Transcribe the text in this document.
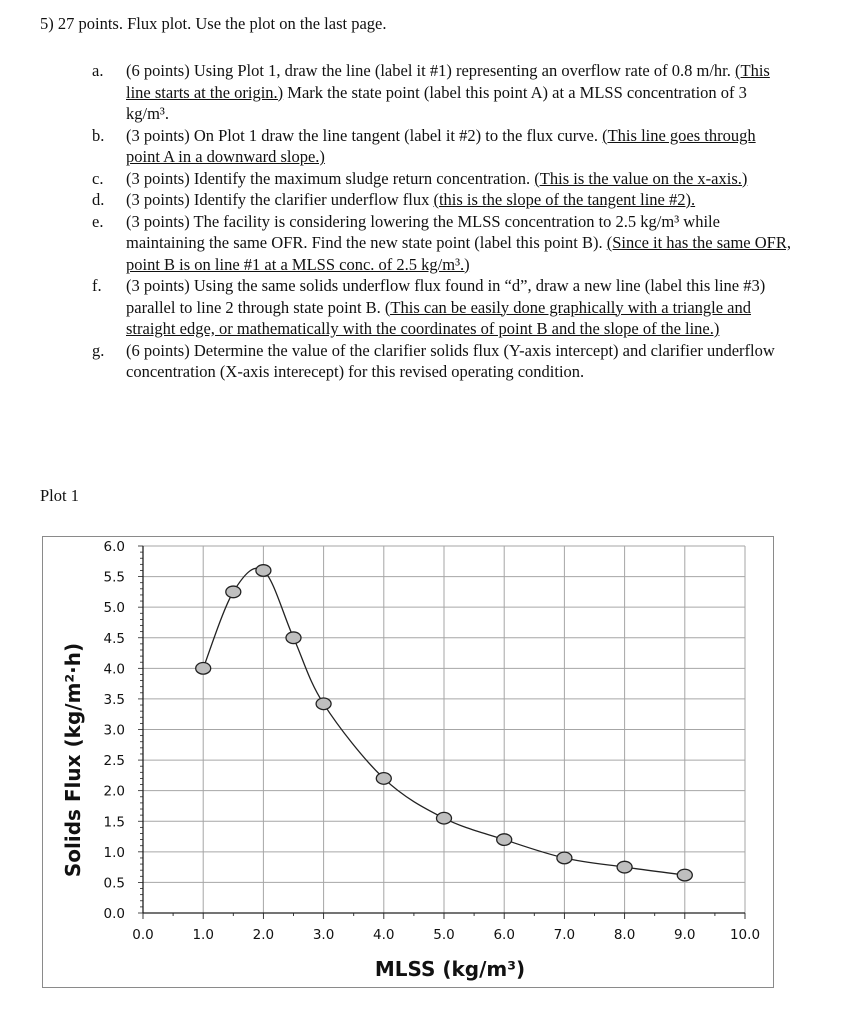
5) 27 points. Flux plot. Use the plot on the last page.
a.	(6 points) Using Plot 1, draw the line (label it #1) representing an overflow rate of 0.8 m/hr. (This line starts at the origin.) Mark the state point (label this point A) at a MLSS concentration of 3 kg/m³.
b.	(3 points) On Plot 1 draw the line tangent (label it #2) to the flux curve. (This line goes through point A in a downward slope.)
c.	(3 points) Identify the maximum sludge return concentration. (This is the value on the x-axis.)
d.	(3 points) Identify the clarifier underflow flux (this is the slope of the tangent line #2).
e.	(3 points) The facility is considering lowering the MLSS concentration to 2.5 kg/m³ while maintaining the same OFR. Find the new state point (label this point B). (Since it has the same OFR, point B is on line #1 at a MLSS conc. of 2.5 kg/m³.)
f.	(3 points) Using the same solids underflow flux found in “d”, draw a new line (label this line #3) parallel to line 2 through state point B. (This can be easily done graphically with a triangle and straight edge, or mathematically with the coordinates of point B and the slope of the line.)
g.	(6 points) Determine the value of the clarifier solids flux (Y-axis intercept) and clarifier underflow concentration (X-axis interecept) for this revised operating condition.
Plot 1
0.0
0.5
1.0
1.5
2.0
2.5
3.0
3.5
4.0
4.5
5.0
5.5
6.0
0.0	1.0	2.0	3.0	4.0	5.0	6.0	7.0	8.0	9.0	10.0
MLSS (kg/m³)
Solids Flux (kg/m²·h)
